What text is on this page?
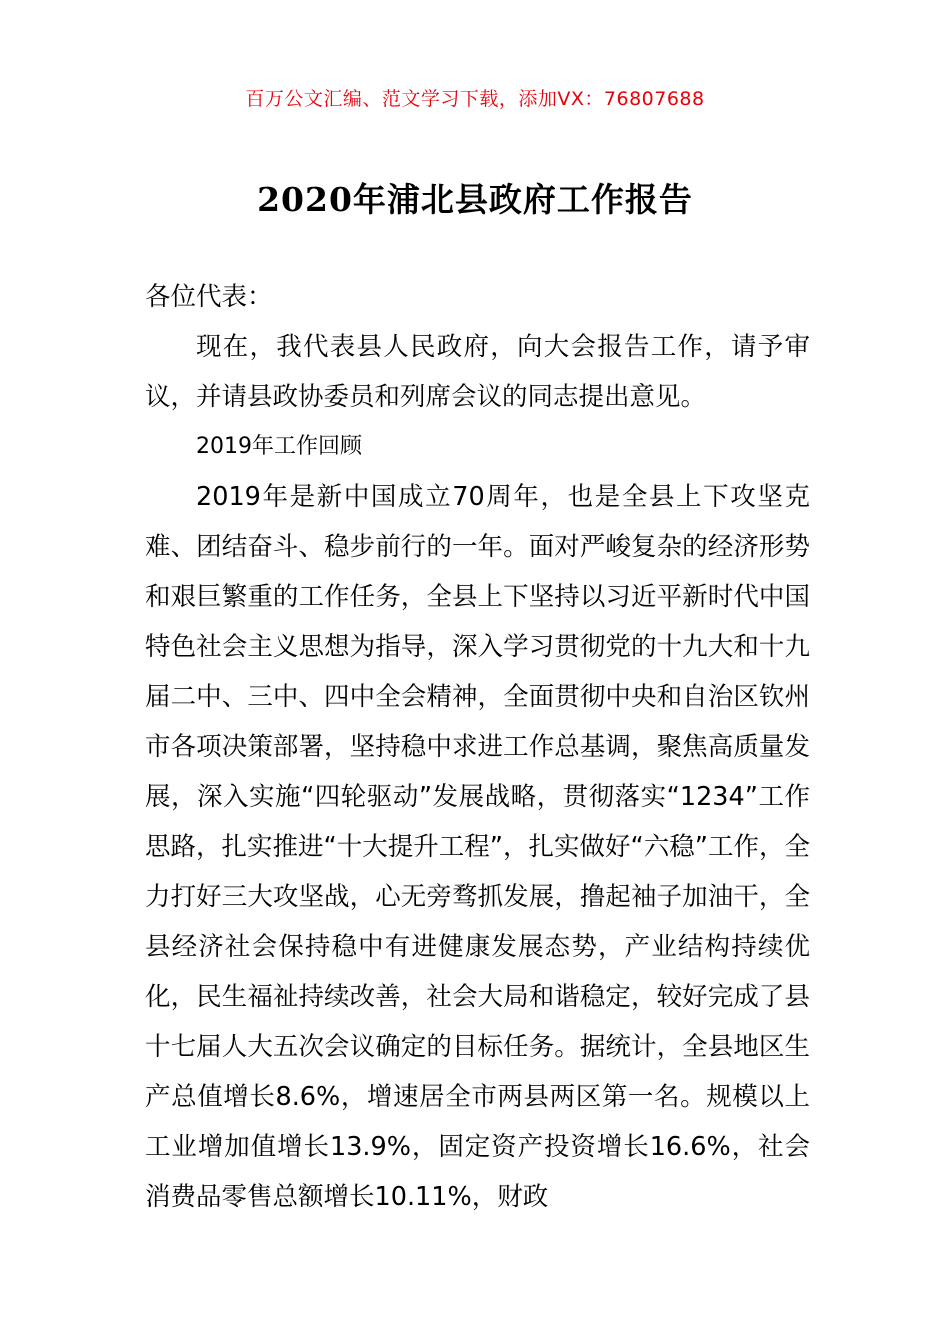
百万公文汇编、范文学习下载，添加VX：76807688
2020年浦北县政府工作报告

各位代表：

现在，我代表县人民政府，向大会报告工作，请予审议，并请县政协委员和列席会议的同志提出意见。

2019年工作回顾

2019年是新中国成立70周年，也是全县上下攻坚克难、团结奋斗、稳步前行的一年。面对严峻复杂的经济形势和艰巨繁重的工作任务，全县上下坚持以习近平新时代中国特色社会主义思想为指导，深入学习贯彻党的十九大和十九届二中、三中、四中全会精神，全面贯彻中央和自治区钦州市各项决策部署，坚持稳中求进工作总基调，聚焦高质量发展，深入实施“四轮驱动”发展战略，贯彻落实“1234”工作思路，扎实推进“十大提升工程”，扎实做好“六稳”工作，全力打好三大攻坚战，心无旁骛抓发展，撸起袖子加油干，全县经济社会保持稳中有进健康发展态势，产业结构持续优化，民生福祉持续改善，社会大局和谐稳定，较好完成了县十七届人大五次会议确定的目标任务。据统计，全县地区生产总值增长8.6%，增速居全市两县两区第一名。规模以上工业增加值增长13.9%，固定资产投资增长16.6%，社会消费品零售总额增长10.11%，财政
